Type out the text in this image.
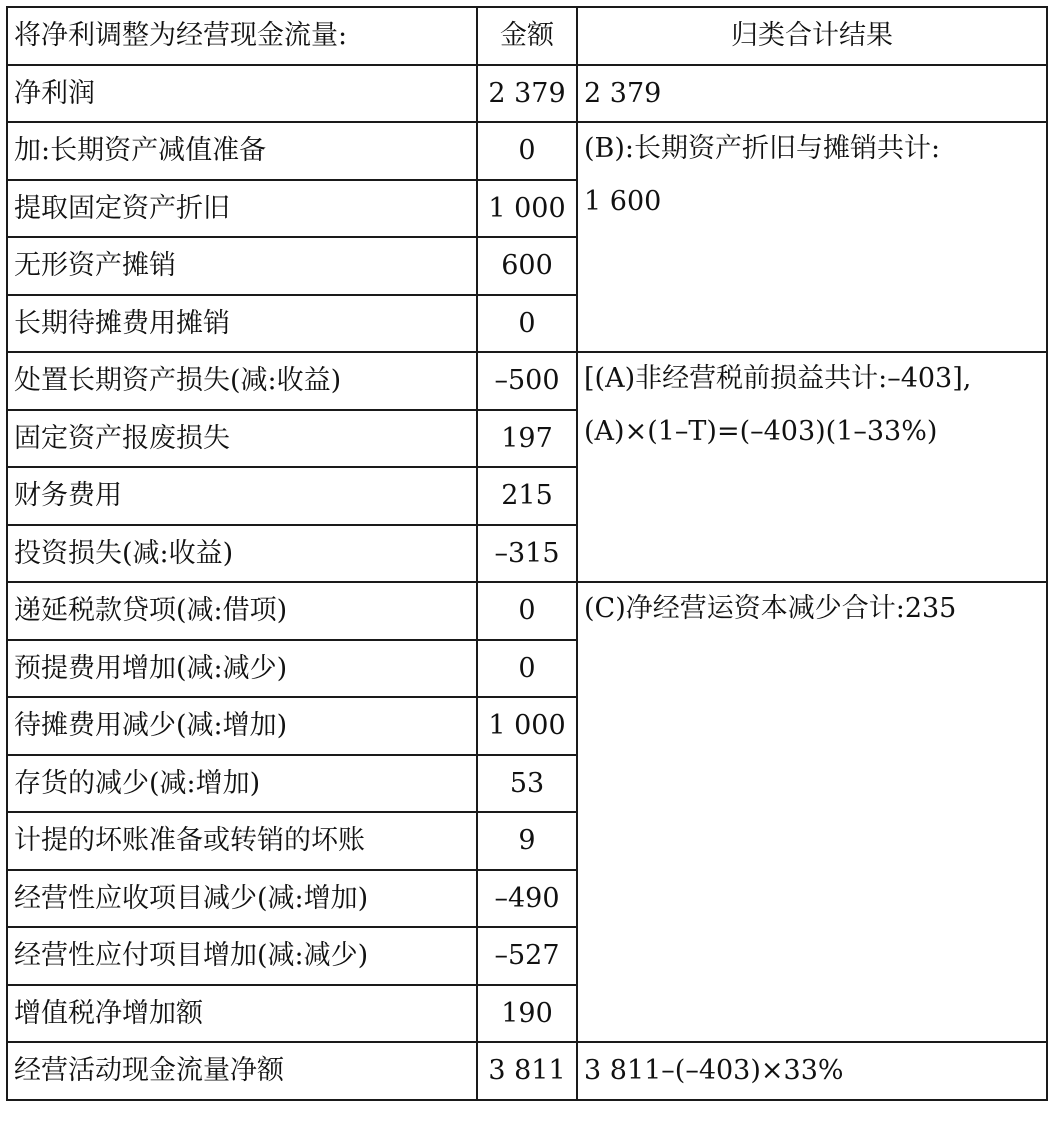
将净利调整为经营现金流量:	金额	归类合计结果
净利润	2 379	2 379
加:长期资产减值准备	0	(B):长期资产折旧与摊销共计:
1 600

提取固定资产折旧	1 000	
无形资产摊销	600	
长期待摊费用摊销	0	
处置长期资产损失(减:收益)	–500	[(A)非经营税前损益共计:–403],
(A)×(1–T)=(–403)(1–33%)

固定资产报废损失	197	
财务费用	215	
投资损失(减:收益)	–315	
递延税款贷项(减:借项)	0	(C)净经营运资本减少合计:235

预提费用增加(减:减少)	0	
待摊费用减少(减:增加)	1 000	
存货的减少(减:增加)	53	
计提的坏账准备或转销的坏账	9	
经营性应收项目减少(减:增加)	–490	
经营性应付项目增加(减:减少)	–527	
增值税净增加额	190	
经营活动现金流量净额	3 811	3 811–(–403)×33%
